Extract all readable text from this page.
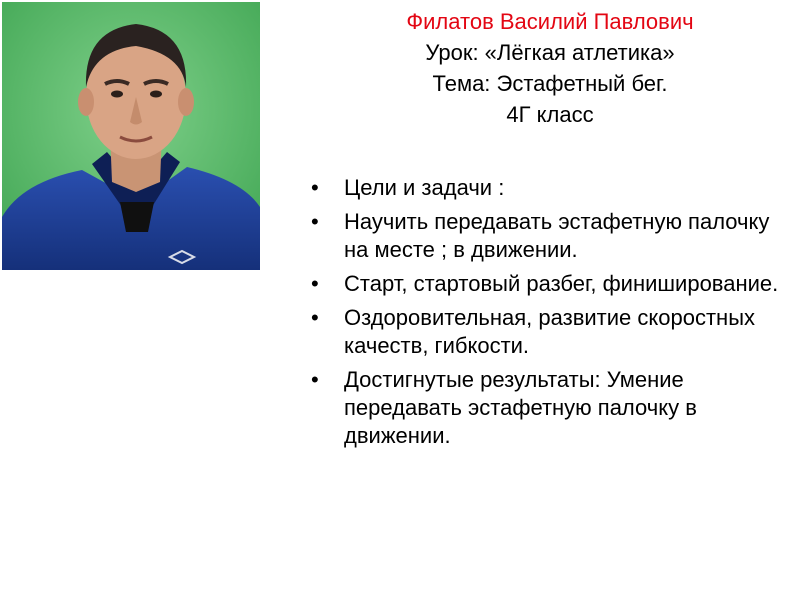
Филатов Василий Павлович
Урок: «Лёгкая атлетика»
Тема: Эстафетный бег.
4Г класс
• Цели и задачи :
• Научить передавать эстафетную палочку на месте ; в движении.
• Старт, стартовый разбег, финиширование.
• Оздоровительная, развитие скоростных качеств, гибкости.
• Достигнутые результаты: Умение передавать эстафетную палочку в движении.
